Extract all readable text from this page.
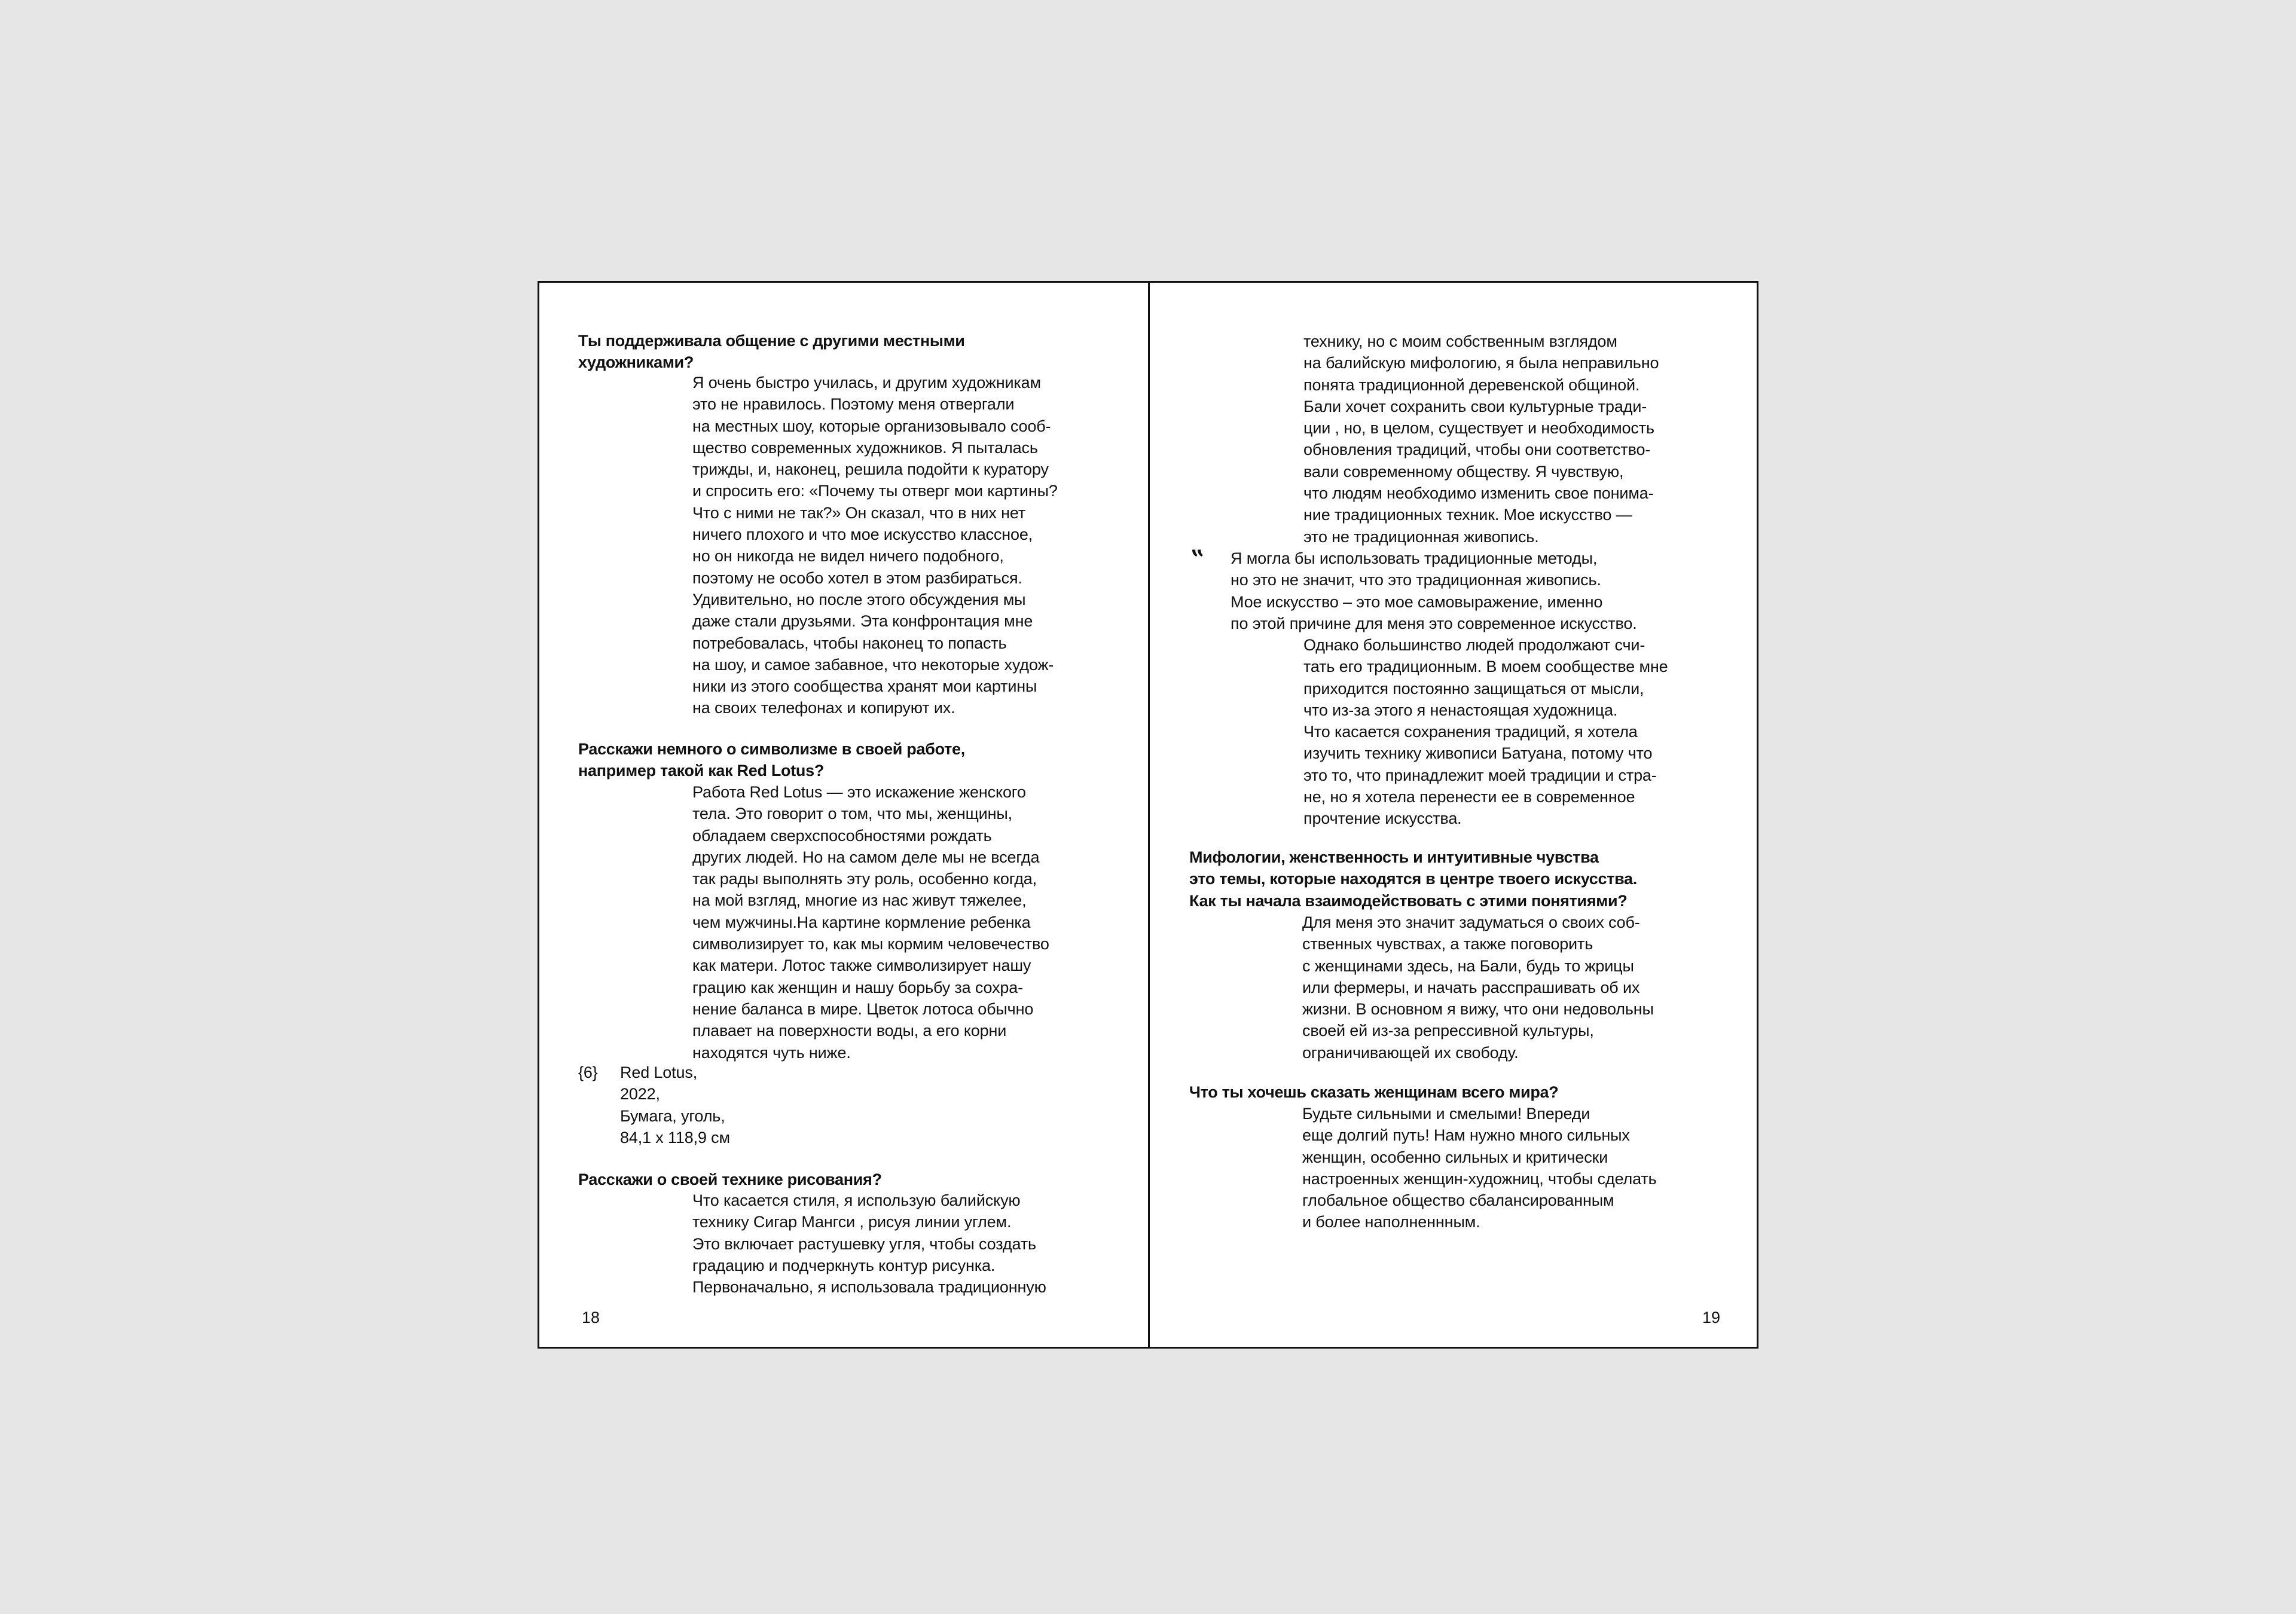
Ты поддерживала общение с другими местными
художниками?
Я очень быстро училась, и другим художникам
это не нравилось. Поэтому меня отвергали
на местных шоу, которые организовывало сооб-
щество современных художников. Я пыталась
трижды, и, наконец, решила подойти к куратору
и спросить его: «Почему ты отверг мои картины?
Что с ними не так?» Он сказал, что в них нет
ничего плохого и что мое искусство классное,
но он никогда не видел ничего подобного,
поэтому не особо хотел в этом разбираться.
Удивительно, но после этого обсуждения мы
даже стали друзьями. Эта конфронтация мне
потребовалась, чтобы наконец то попасть
на шоу, и самое забавное, что некоторые худож-
ники из этого сообщества хранят мои картины
на своих телефонах и копируют их.
Расскажи немного о символизме в своей работе,
например такой как Red Lotus?
Работа Red Lotus — это искажение женского
тела. Это говорит о том, что мы, женщины,
обладаем сверхспособностями рождать
других людей. Но на самом деле мы не всегда
так рады выполнять эту роль, особенно когда,
на мой взгляд, многие из нас живут тяжелее,
чем мужчины.На картине кормление ребенка
символизирует то, как мы кормим человечество
как матери. Лотос также символизирует нашу
грацию как женщин и нашу борьбу за сохра-
нение баланса в мире. Цветок лотоса обычно
плавает на поверхности воды, а его корни
находятся чуть ниже.
{6} Red Lotus,
2022,
Бумага, уголь,
84,1 x 118,9 см
Расскажи о своей технике рисования?
Что касается стиля, я использую балийскую
технику Сигар Мангси , рисуя линии углем.
Это включает растушевку угля, чтобы создать
градацию и подчеркнуть контур рисунка.
Первоначально, я использовала традиционную
18
технику, но с моим собственным взглядом
на балийскую мифологию, я была неправильно
понята традиционной деревенской общиной.
Бали хочет сохранить свои культурные тради-
ции , но, в целом, существует и необходимость
обновления традиций, чтобы они соответство-
вали современному обществу. Я чувствую,
что людям необходимо изменить свое понима-
ние традиционных техник. Мое искусство —
это не традиционная живопись.
‟ Я могла бы использовать традиционные методы,
но это не значит, что это традиционная живопись.
Мое искусство – это мое самовыражение, именно
по этой причине для меня это современное искусство.
Однако большинство людей продолжают счи-
тать его традиционным. В моем сообществе мне
приходится постоянно защищаться от мысли,
что из-за этого я ненастоящая художница.
Что касается сохранения традиций, я хотела
изучить технику живописи Батуана, потому что
это то, что принадлежит моей традиции и стра-
не, но я хотела перенести ее в современное
прочтение искусства.
Мифологии, женственность и интуитивные чувства
это темы, которые находятся в центре твоего искусства.
Как ты начала взаимодействовать с этими понятиями?
Для меня это значит задуматься о своих соб-
ственных чувствах, а также поговорить
с женщинами здесь, на Бали, будь то жрицы
или фермеры, и начать расспрашивать об их
жизни. В основном я вижу, что они недовольны
своей ей из-за репрессивной культуры,
ограничивающей их свободу.
Что ты хочешь сказать женщинам всего мира?
Будьте сильными и смелыми! Впереди
еще долгий путь! Нам нужно много сильных
женщин, особенно сильных и критически
настроенных женщин-художниц, чтобы сделать
глобальное общество сбалансированным
и более наполненнным.
19
